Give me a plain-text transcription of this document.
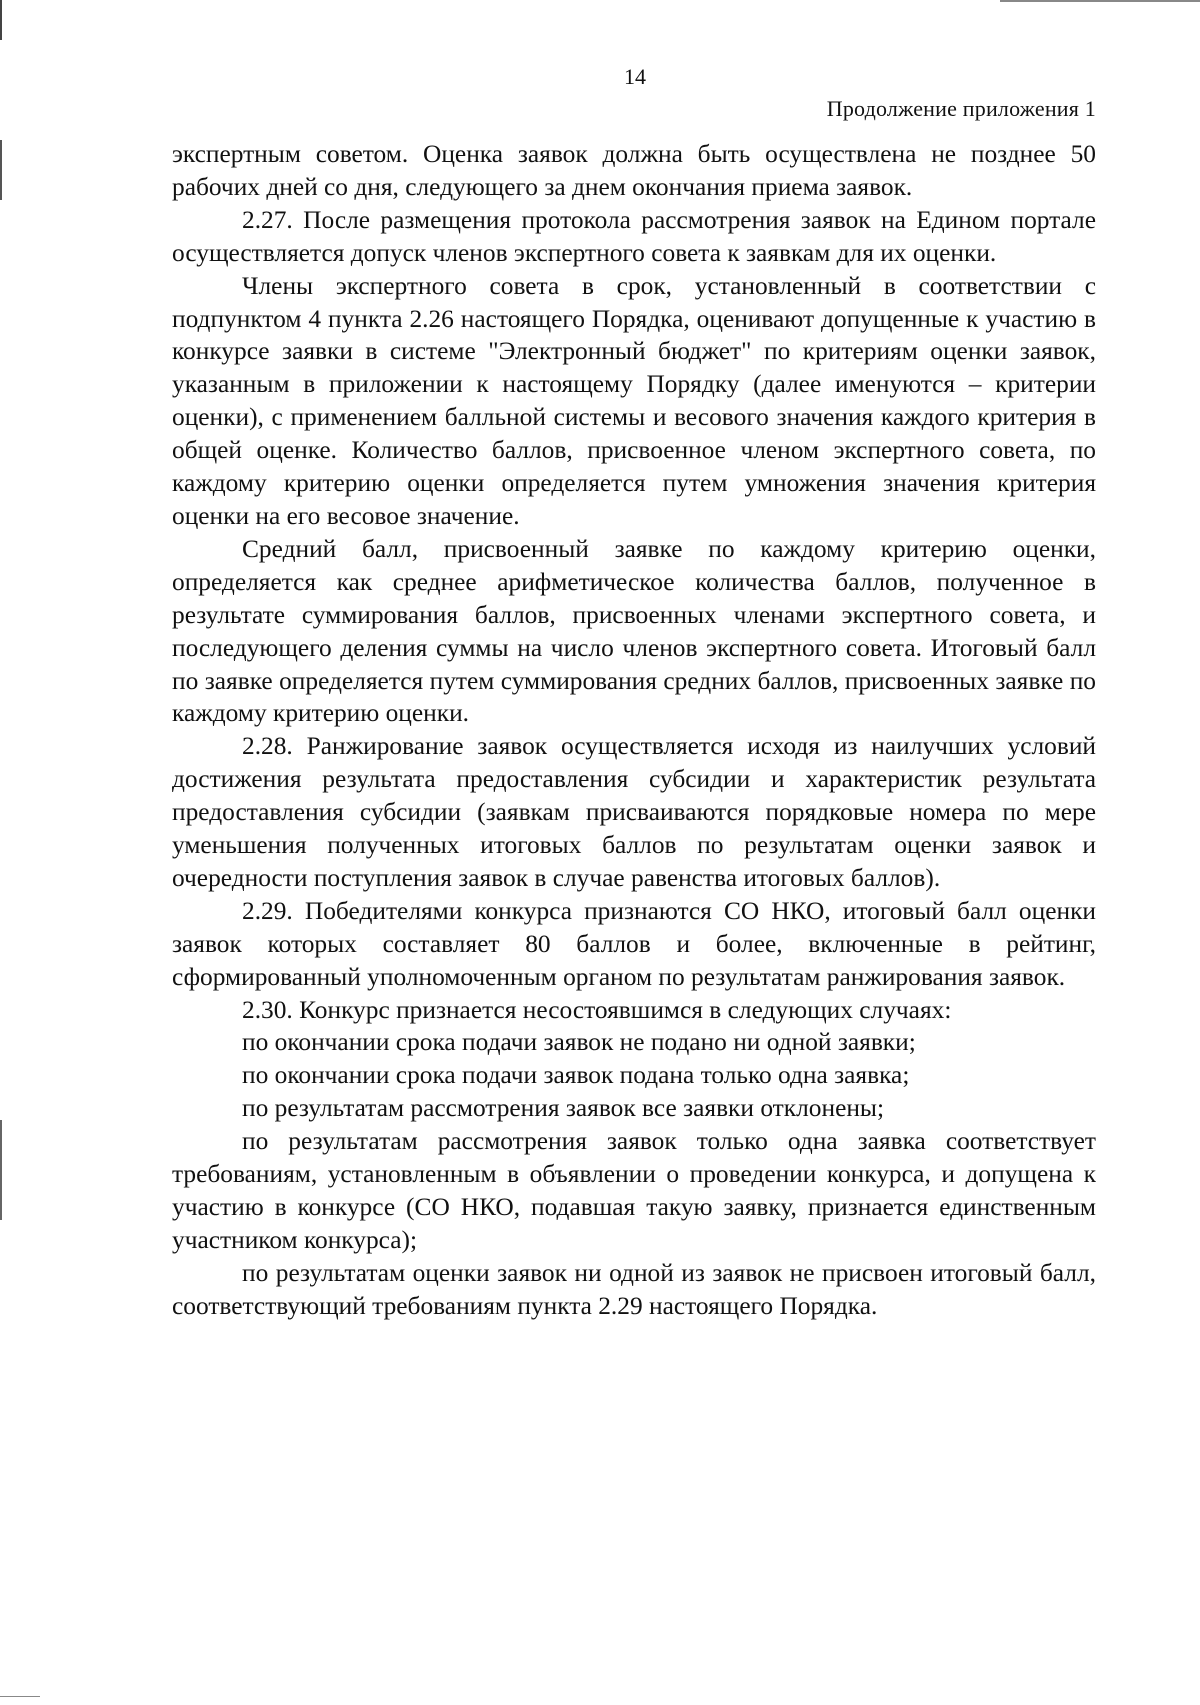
14
Продолжение приложения 1

экспертным советом. Оценка заявок должна быть осуществлена не позднее 50 рабочих дней со дня, следующего за днем окончания приема заявок.

2.27. После размещения протокола рассмотрения заявок на Едином портале осуществляется допуск членов экспертного совета к заявкам для их оценки.

Члены экспертного совета в срок, установленный в соответствии с подпунктом 4 пункта 2.26 настоящего Порядка, оценивают допущенные к участию в конкурсе заявки в системе "Электронный бюджет" по критериям оценки заявок, указанным в приложении к настоящему Порядку (далее именуются – критерии оценки), с применением балльной системы и весового значения каждого критерия в общей оценке. Количество баллов, присвоенное членом экспертного совета, по каждому критерию оценки определяется путем умножения значения критерия оценки на его весовое значение.

Средний балл, присвоенный заявке по каждому критерию оценки, определяется как среднее арифметическое количества баллов, полученное в результате суммирования баллов, присвоенных членами экспертного совета, и последующего деления суммы на число членов экспертного совета. Итоговый балл по заявке определяется путем суммирования средних баллов, присвоенных заявке по каждому критерию оценки.

2.28. Ранжирование заявок осуществляется исходя из наилучших условий достижения результата предоставления субсидии и характеристик результата предоставления субсидии (заявкам присваиваются порядковые номера по мере уменьшения полученных итоговых баллов по результатам оценки заявок и очередности поступления заявок в случае равенства итоговых баллов).

2.29. Победителями конкурса признаются СО НКО, итоговый балл оценки заявок которых составляет 80 баллов и более, включенные в рейтинг, сформированный уполномоченным органом по результатам ранжирования заявок.

2.30. Конкурс признается несостоявшимся в следующих случаях:

по окончании срока подачи заявок не подано ни одной заявки;

по окончании срока подачи заявок подана только одна заявка;

по результатам рассмотрения заявок все заявки отклонены;

по результатам рассмотрения заявок только одна заявка соответствует требованиям, установленным в объявлении о проведении конкурса, и допущена к участию в конкурсе (СО НКО, подавшая такую заявку, признается единственным участником конкурса);

по результатам оценки заявок ни одной из заявок не присвоен итоговый балл, соответствующий требованиям пункта 2.29 настоящего Порядка.
